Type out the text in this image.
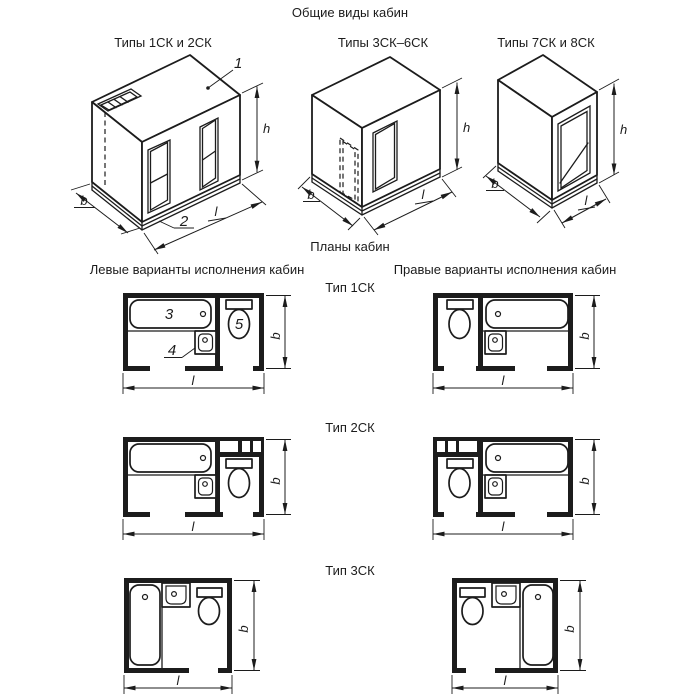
Общие виды кабин
Типы 1СК и 2СК	Типы 3СК–6СК	Типы 7СК и 8СК
Планы кабин
Левые варианты исполнения кабин	Правые варианты исполнения кабин
Тип 1СК
Тип 2СК
Тип 3СК
h
b
l
1
2
h
b	l
h
b
l
3
4
5
b
l
b
l
b
l
b
l
b
l
b
l
